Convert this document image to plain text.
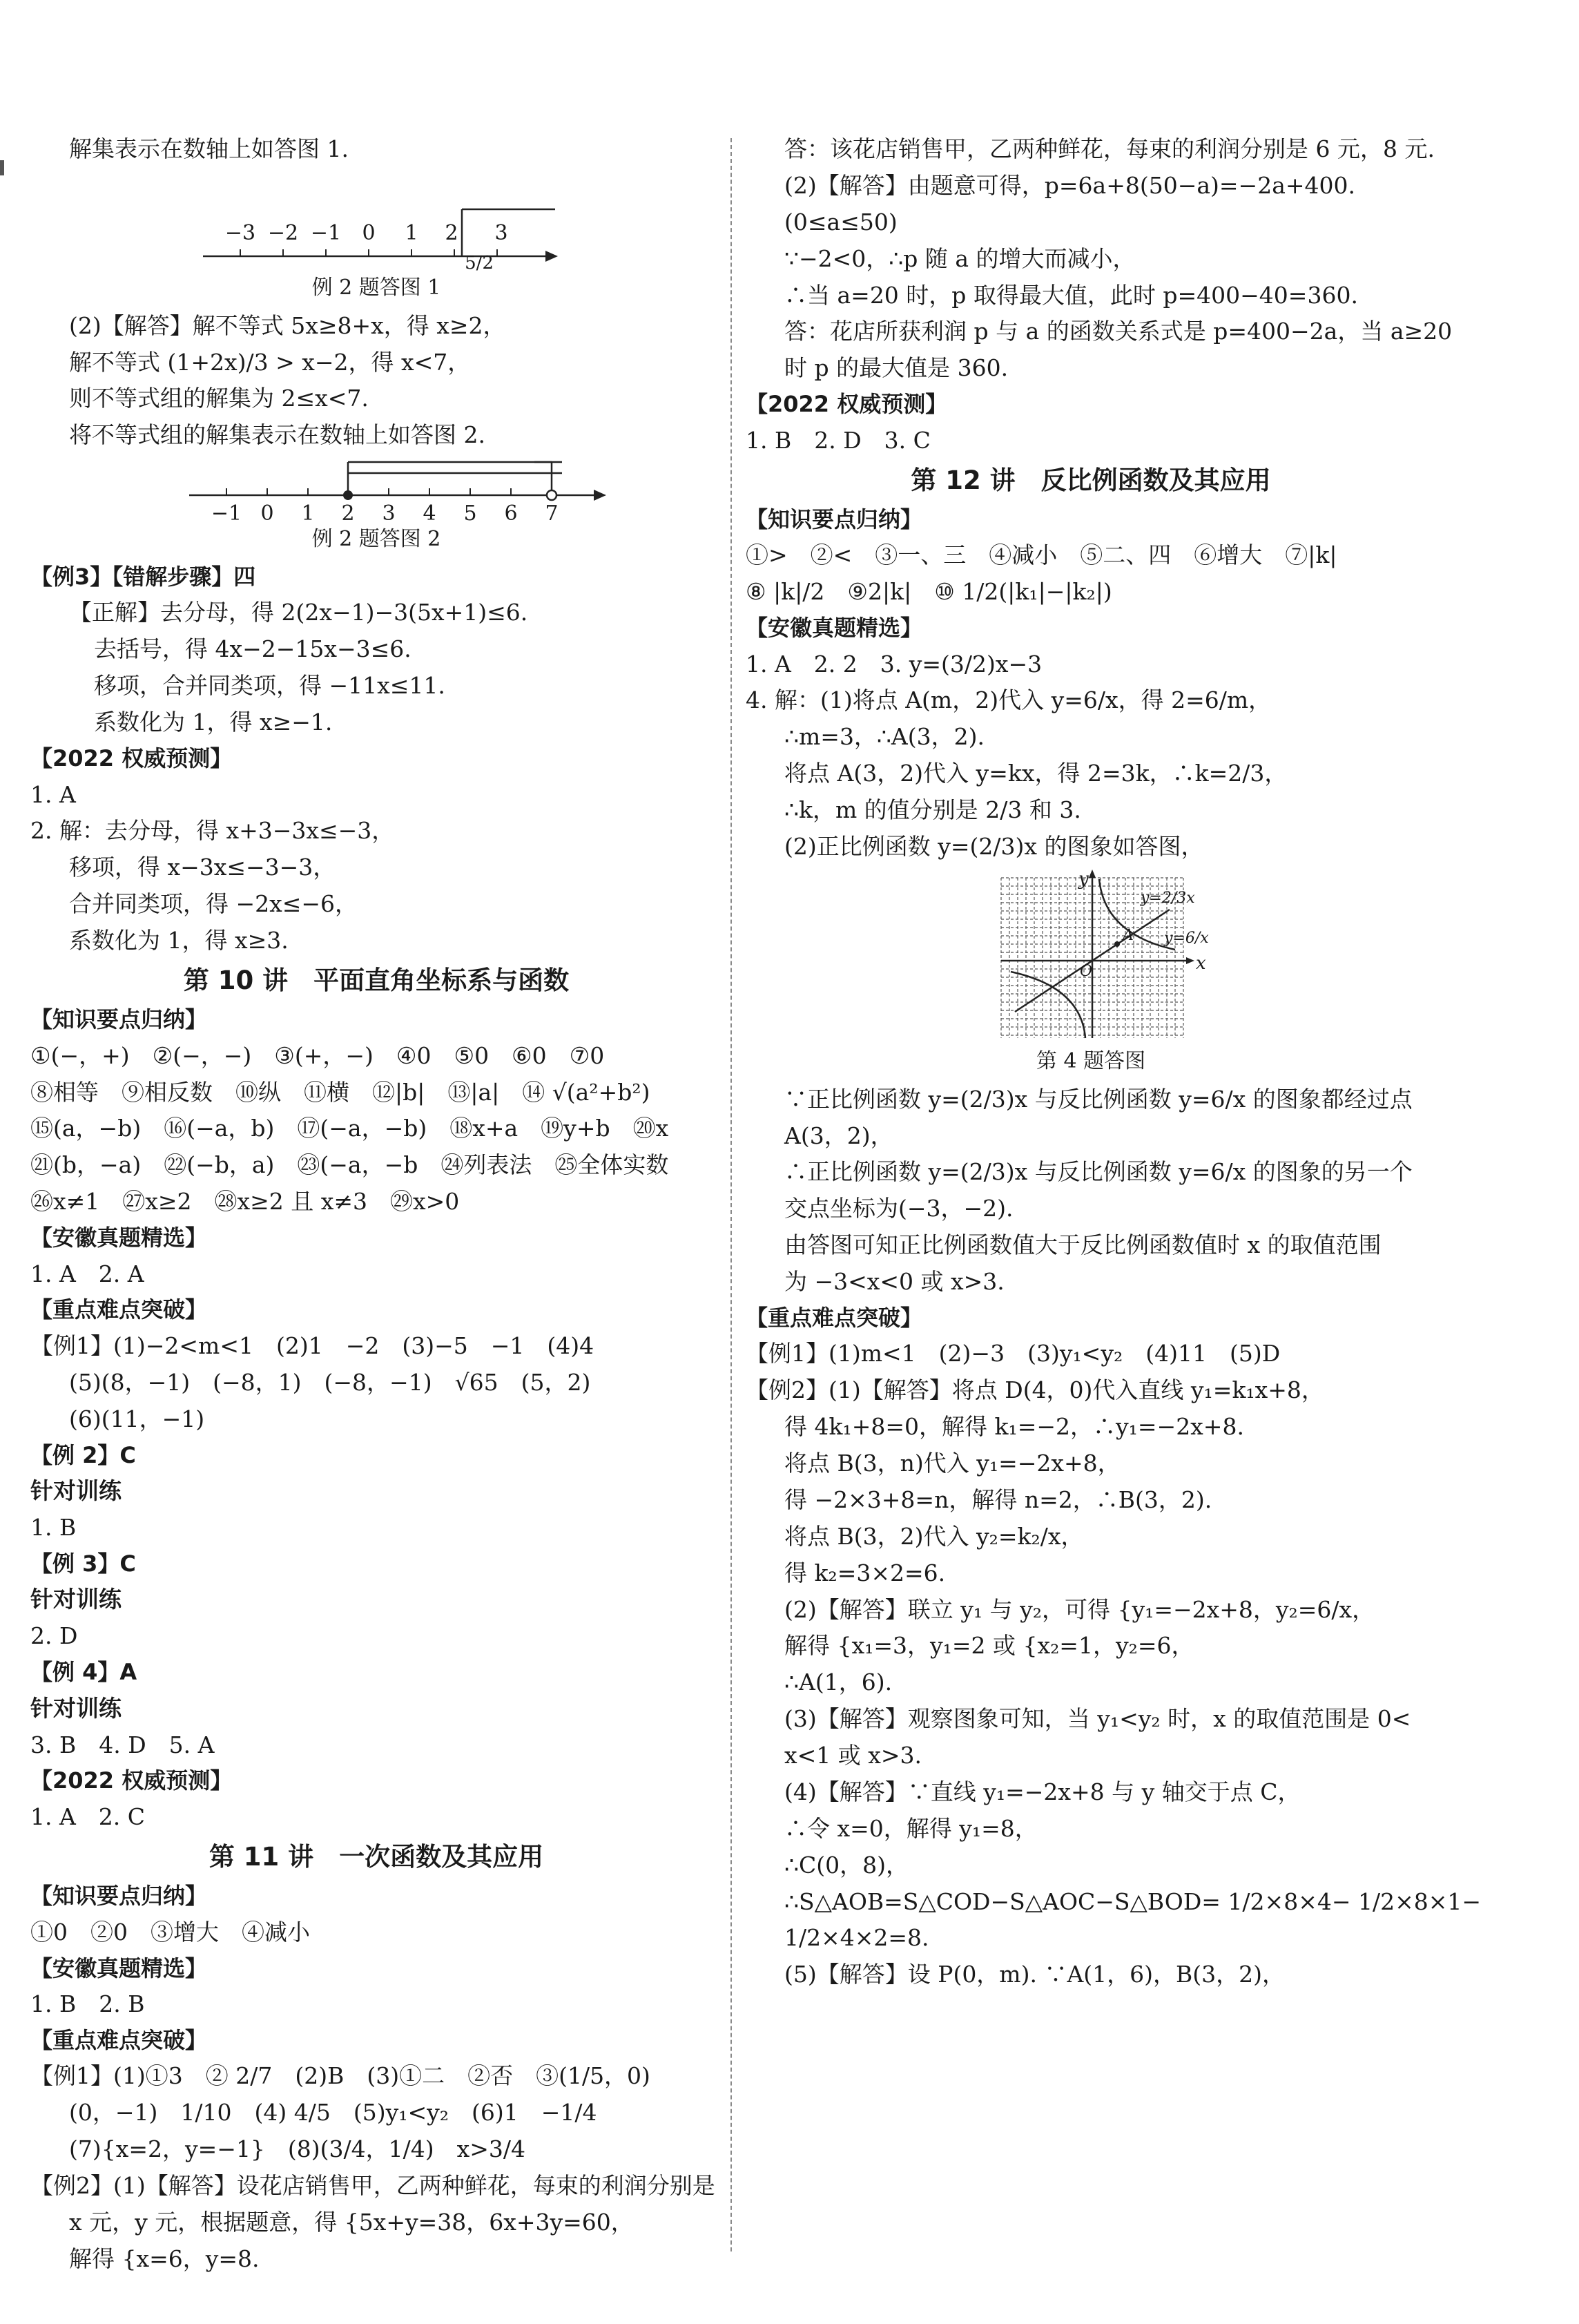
解集表示在数轴上如答图 1.
−3 −2 −1 0 1 2 3
5/2
例 2 题答图 1
(2)【解答】解不等式 5x≥8+x，得 x≥2，
解不等式 (1+2x)/3 > x−2，得 x<7，
则不等式组的解集为 2≤x<7.
将不等式组的解集表示在数轴上如答图 2.
−1 0 1 2 3 4 5 6 7
例 2 题答图 2
【例3】【错解步骤】四
【正解】去分母，得 2(2x−1)−3(5x+1)≤6.
去括号，得 4x−2−15x−3≤6.
移项，合并同类项，得 −11x≤11.
系数化为 1，得 x≥−1.
【2022 权威预测】
1. A
2. 解：去分母，得 x+3−3x≤−3，
移项，得 x−3x≤−3−3，
合并同类项，得 −2x≤−6，
系数化为 1，得 x≥3.
第 10 讲　平面直角坐标系与函数
【知识要点归纳】
①(−，+)　②(−，−)　③(+，−)　④0　⑤0　⑥0　⑦0
⑧相等　⑨相反数　⑩纵　⑪横　⑫|b|　⑬|a|　⑭ √(a²+b²)
⑮(a，−b)　⑯(−a，b)　⑰(−a，−b)　⑱x+a　⑲y+b　⑳x
㉑(b，−a)　㉒(−b，a)　㉓(−a，−b　㉔列表法　㉕全体实数
㉖x≠1　㉗x≥2　㉘x≥2 且 x≠3　㉙x>0
【安徽真题精选】
1. A　2. A
【重点难点突破】
【例1】(1)−2<m<1　(2)1　−2　(3)−5　−1　(4)4
(5)(8，−1)　(−8，1)　(−8，−1)　√65　(5，2)
(6)(11，−1)
【例 2】C
针对训练
1. B
【例 3】C
针对训练
2. D
【例 4】A
针对训练
3. B　4. D　5. A
【2022 权威预测】
1. A　2. C
第 11 讲　一次函数及其应用
【知识要点归纳】
①0　②0　③增大　④减小
【安徽真题精选】
1. B　2. B
【重点难点突破】
【例1】(1)①3　② 2/7　(2)B　(3)①二　②否　③(1/5，0)
(0，−1)　1/10　(4) 4/5　(5)y₁<y₂　(6)1　−1/4
(7){x=2，y=−1}　(8)(3/4，1/4)　x>3/4
【例2】(1)【解答】设花店销售甲，乙两种鲜花，每束的利润分别是
x 元，y 元，根据题意，得 {5x+y=38，6x+3y=60，
解得 {x=6，y=8.
答：该花店销售甲，乙两种鲜花，每束的利润分别是 6 元，8 元.
(2)【解答】由题意可得，p=6a+8(50−a)=−2a+400.
(0≤a≤50)
∵−2<0，∴p 随 a 的增大而减小，
∴当 a=20 时，p 取得最大值，此时 p=400−40=360.
答：花店所获利润 p 与 a 的函数关系式是 p=400−2a，当 a≥20
时 p 的最大值是 360.
【2022 权威预测】
1. B　2. D　3. C
第 12 讲　反比例函数及其应用
【知识要点归纳】
①>　②<　③一、三　④减小　⑤二、四　⑥增大　⑦|k|
⑧ |k|/2　⑨2|k|　⑩ 1/2(|k₁|−|k₂|)
【安徽真题精选】
1. A　2. 2　3. y=(3/2)x−3
4. 解：(1)将点 A(m，2)代入 y=6/x，得 2=6/m，
∴m=3，∴A(3，2).
将点 A(3，2)代入 y=kx，得 2=3k，∴k=2/3，
∴k，m 的值分别是 2/3 和 3.
(2)正比例函数 y=(2/3)x 的图象如答图，
y
x
O
A
y=2/3x
y=6/x
第 4 题答图
∵正比例函数 y=(2/3)x 与反比例函数 y=6/x 的图象都经过点
A(3，2)，
∴正比例函数 y=(2/3)x 与反比例函数 y=6/x 的图象的另一个
交点坐标为(−3，−2).
由答图可知正比例函数值大于反比例函数值时 x 的取值范围
为 −3<x<0 或 x>3.
【重点难点突破】
【例1】(1)m<1　(2)−3　(3)y₁<y₂　(4)11　(5)D
【例2】(1)【解答】将点 D(4，0)代入直线 y₁=k₁x+8，
得 4k₁+8=0，解得 k₁=−2，∴y₁=−2x+8.
将点 B(3，n)代入 y₁=−2x+8，
得 −2×3+8=n，解得 n=2，∴B(3，2).
将点 B(3，2)代入 y₂=k₂/x，
得 k₂=3×2=6.
(2)【解答】联立 y₁ 与 y₂，可得 {y₁=−2x+8，y₂=6/x，
解得 {x₁=3，y₁=2 或 {x₂=1，y₂=6，
∴A(1，6).
(3)【解答】观察图象可知，当 y₁<y₂ 时，x 的取值范围是 0<
x<1 或 x>3.
(4)【解答】∵直线 y₁=−2x+8 与 y 轴交于点 C，
∴令 x=0，解得 y₁=8，
∴C(0，8)，
∴S△AOB=S△COD−S△AOC−S△BOD= 1/2×8×4− 1/2×8×1−
1/2×4×2=8.
(5)【解答】设 P(0，m). ∵A(1，6)，B(3，2)，
